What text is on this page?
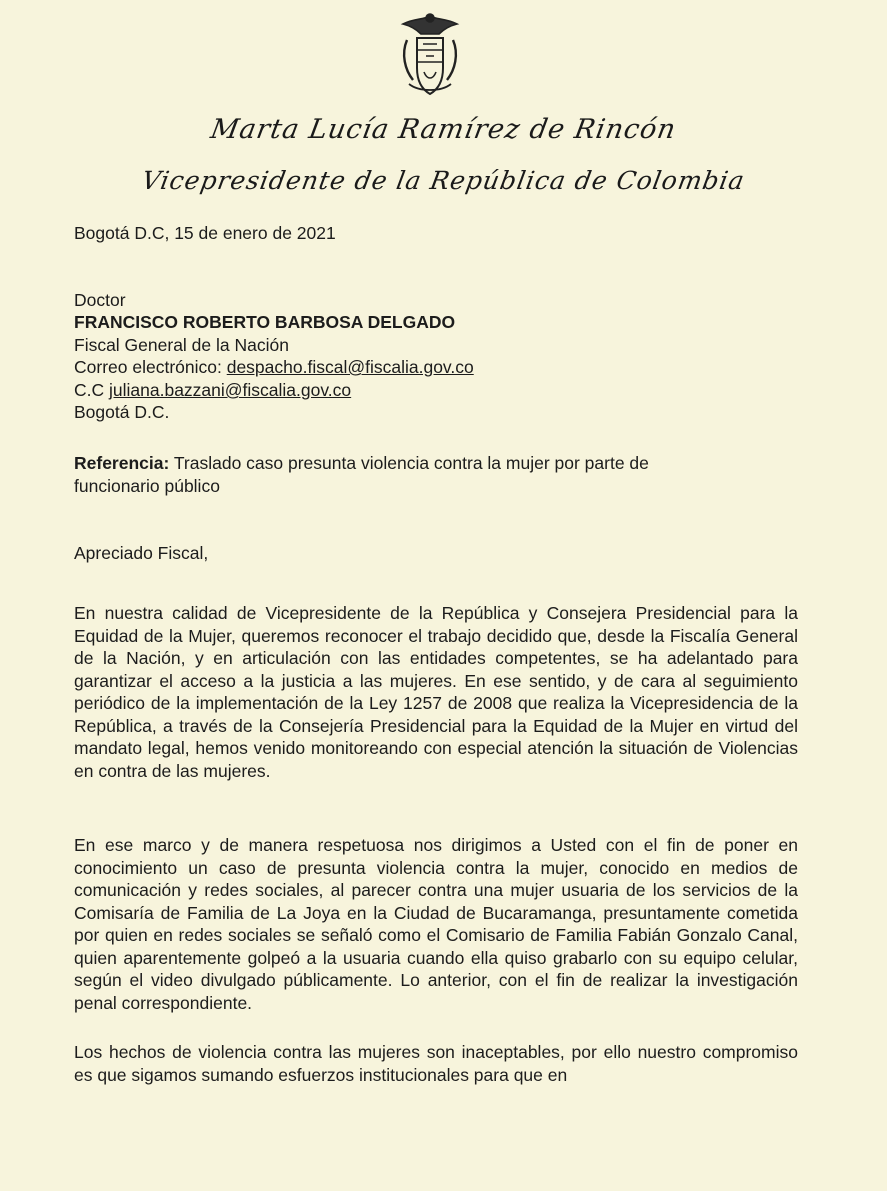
Marta Lucía Ramírez de Rincón
Vicepresidente de la República de Colombia
Bogotá D.C, 15 de enero de 2021
Doctor
FRANCISCO ROBERTO BARBOSA DELGADO
Fiscal General de la Nación
Correo electrónico: despacho.fiscal@fiscalia.gov.co
C.C juliana.bazzani@fiscalia.gov.co
Bogotá D.C.
Referencia: Traslado caso presunta violencia contra la mujer por parte de
funcionario público
Apreciado Fiscal,
En nuestra calidad de Vicepresidente de la República y Consejera Presidencial para la Equidad de la Mujer, queremos reconocer el trabajo decidido que, desde la Fiscalía General de la Nación, y en articulación con las entidades competentes, se ha adelantado para garantizar el acceso a la justicia a las mujeres. En ese sentido, y de cara al seguimiento periódico de la implementación de la Ley 1257 de 2008 que realiza la Vicepresidencia de la República, a través de la Consejería Presidencial para la Equidad de la Mujer en virtud del mandato legal, hemos venido monitoreando con especial atención la situación de Violencias en contra de las mujeres.
En ese marco y de manera respetuosa nos dirigimos a Usted con el fin de poner en conocimiento un caso de presunta violencia contra la mujer, conocido en medios de comunicación y redes sociales, al parecer contra una mujer usuaria de los servicios de la Comisaría de Familia de La Joya en la Ciudad de Bucaramanga, presuntamente cometida por quien en redes sociales se señaló como el Comisario de Familia Fabián Gonzalo Canal, quien aparentemente golpeó a la usuaria cuando ella quiso grabarlo con su equipo celular, según el video divulgado públicamente. Lo anterior, con el fin de realizar la investigación penal correspondiente.
Los hechos de violencia contra las mujeres son inaceptables, por ello nuestro compromiso es que sigamos sumando esfuerzos institucionales para que en
